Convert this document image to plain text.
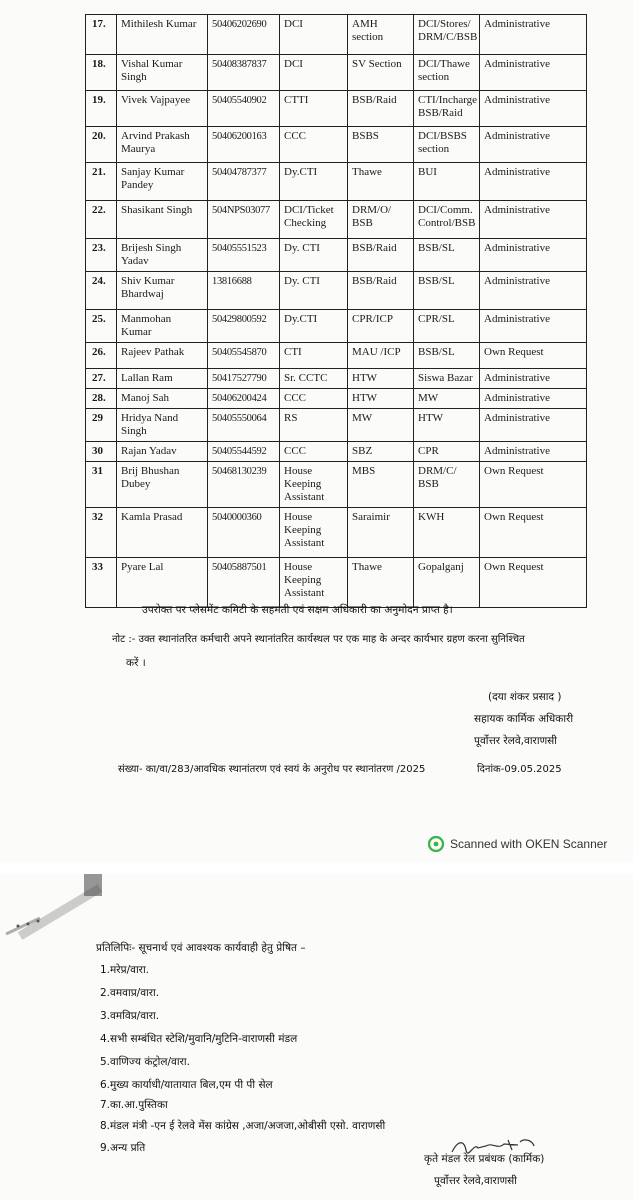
17.	Mithilesh Kumar	50406202690	DCI	AMH section	DCI/Stores/ DRM/C/BSB	Administrative
18.	Vishal Kumar Singh	50408387837	DCI	SV Section	DCI/Thawe section	Administrative
19.	Vivek Vajpayee	50405540902	CTTI	BSB/Raid	CTI/Incharge BSB/Raid	Administrative
20.	Arvind Prakash Maurya	50406200163	CCC	BSBS	DCI/BSBS section	Administrative
21.	Sanjay Kumar Pandey	50404787377	Dy.CTI	Thawe	BUI	Administrative
22.	Shasikant Singh	504NPS03077	DCI/Ticket Checking	DRM/O/ BSB	DCI/Comm. Control/BSB	Administrative
23.	Brijesh Singh Yadav	50405551523	Dy. CTI	BSB/Raid	BSB/SL	Administrative
24.	Shiv Kumar Bhardwaj	13816688	Dy. CTI	BSB/Raid	BSB/SL	Administrative
25.	Manmohan Kumar	50429800592	Dy.CTI	CPR/ICP	CPR/SL	Administrative
26.	Rajeev Pathak	50405545870	CTI	MAU /ICP	BSB/SL	Own Request
27.	Lallan Ram	50417527790	Sr. CCTC	HTW	Siswa Bazar	Administrative
28.	Manoj Sah	50406200424	CCC	HTW	MW	Administrative
29	Hridya Nand Singh	50405550064	RS	MW	HTW	Administrative
30	Rajan Yadav	50405544592	CCC	SBZ	CPR	Administrative
31	Brij Bhushan Dubey	50468130239	House Keeping Assistant	MBS	DRM/C/ BSB	Own Request
32	Kamla Prasad	5040000360	House Keeping Assistant	Saraimir	KWH	Own Request
33	Pyare Lal	50405887501	House Keeping Assistant	Thawe	Gopalganj	Own Request
उपरोक्त पर प्लेसमेंट कमिटी के सहमती एवं सक्षम अधिकारी का अनुमोदन प्राप्त है।
नोट :- उक्त स्थानांतरित कर्मचारी अपने स्थानांतरित कार्यस्थल पर एक माह के अन्दर कार्यभार ग्रहण करना सुनिश्चित
करें ।
(दया शंकर प्रसाद )
सहायक कार्मिक अधिकारी
पूर्वोत्तर रेलवे,वाराणसी
संख्या- का/वा/283/आवधिक स्थानांतरण एवं स्वयं के अनुरोध पर स्थानांतरण /2025	दिनांक-09.05.2025
Scanned with OKEN Scanner
प्रतिलिपिः- सूचनार्थ एवं आवश्यक कार्यवाही हेतु प्रेषित –
1.मरेप्र/वारा.
2.वमवाप्र/वारा.
3.वमविप्र/वारा.
4.सभी सम्बंधित स्टेशि/मुवानि/मुटिनि-वाराणसी मंडल
5.वाणिज्य कंट्रोल/वारा.
6.मुख्य कार्याधी/यातायात बिल,एम पी पी सेल
7.का.आ.पुस्तिका
8.मंडल मंत्री -एन ई रेलवे मेंस कांग्रेस ,अजा/अजजा,ओबीसी एसो. वाराणसी
9.अन्य प्रति
कृते मंडल रेल प्रबंधक (कार्मिक)
पूर्वोत्तर रेलवे,वाराणसी
